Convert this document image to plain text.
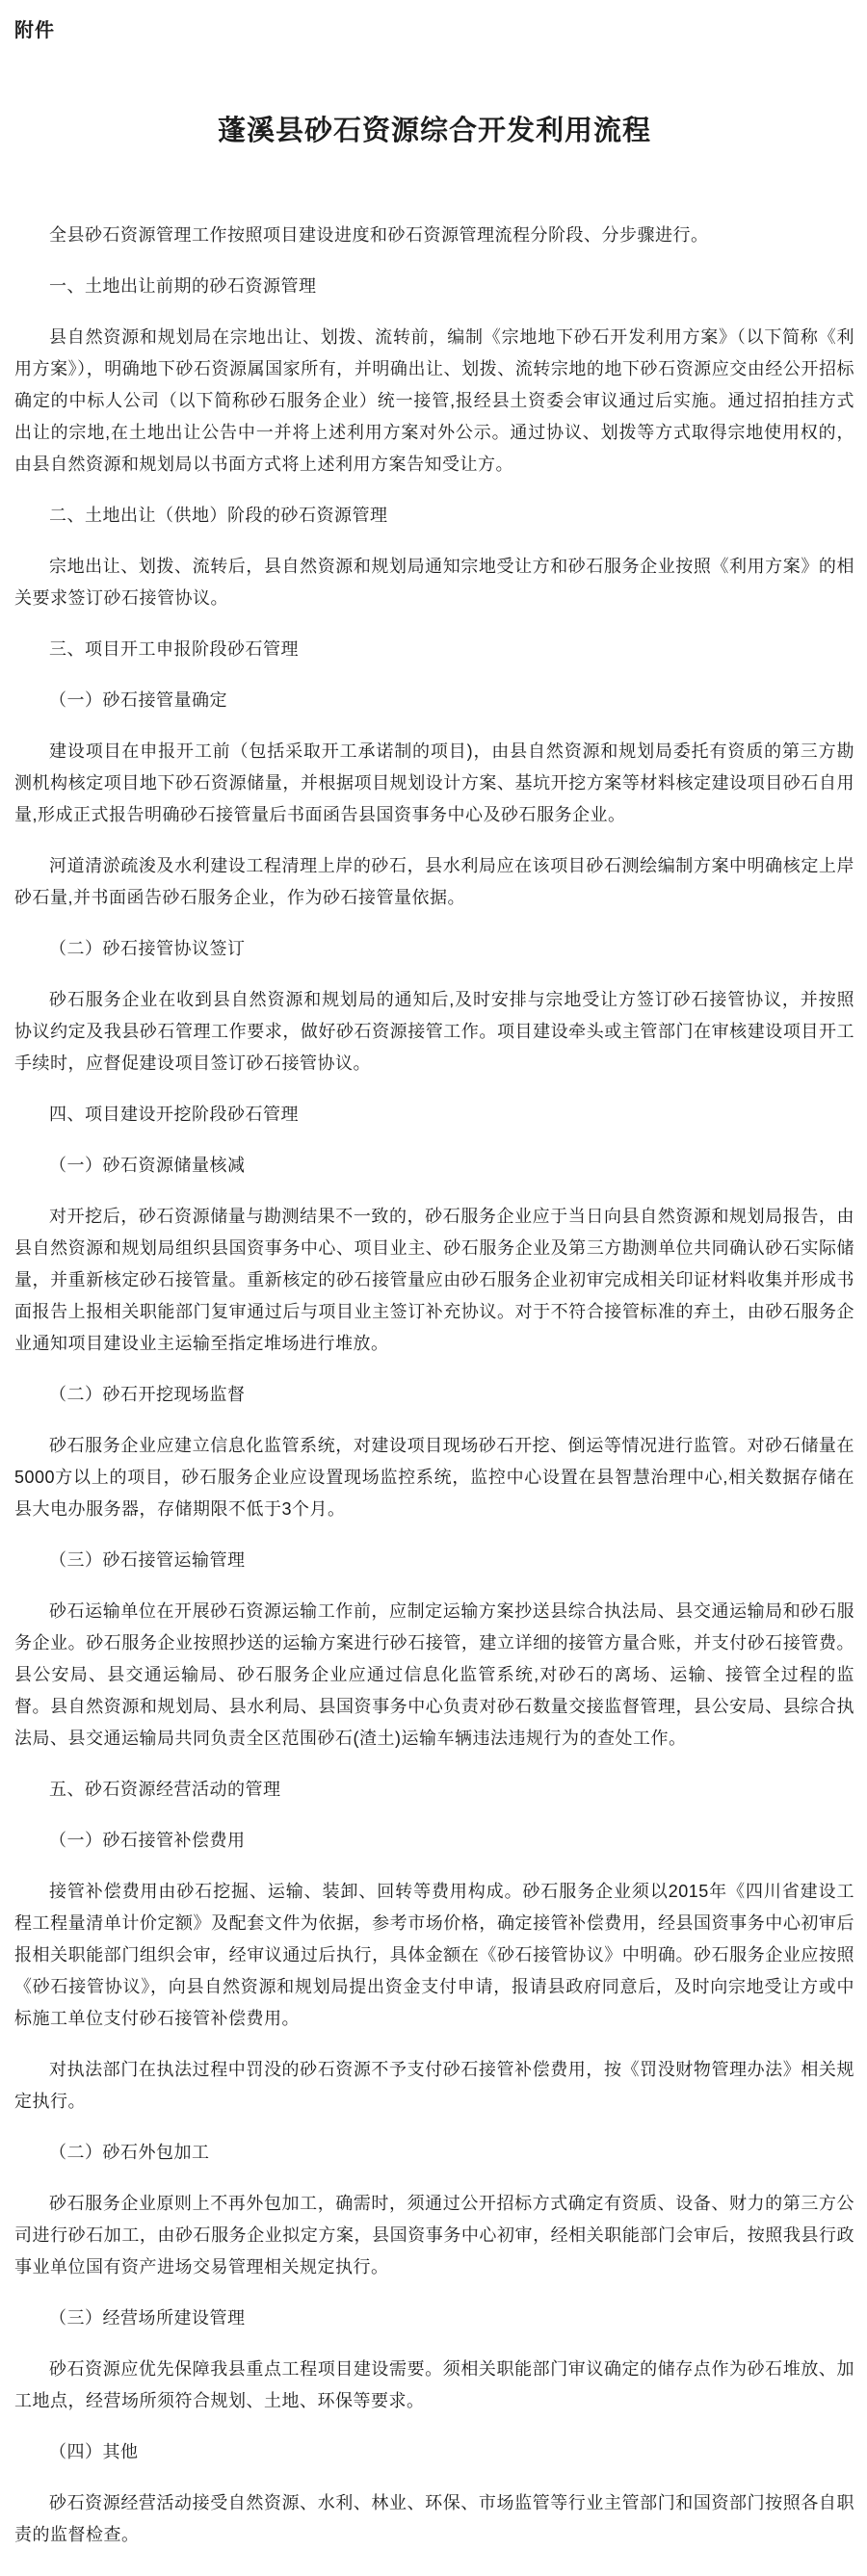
附件

蓬溪县砂石资源综合开发利用流程

全县砂石资源管理工作按照项目建设进度和砂石资源管理流程分阶段、分步骤进行。

一、土地出让前期的砂石资源管理

县自然资源和规划局在宗地出让、划拨、流转前，编制《宗地地下砂石开发利用方案》（以下简称《利用方案》），明确地下砂石资源属国家所有，并明确出让、划拨、流转宗地的地下砂石资源应交由经公开招标确定的中标人公司（以下简称砂石服务企业）统一接管,报经县土资委会审议通过后实施。通过招拍挂方式出让的宗地,在土地出让公告中一并将上述利用方案对外公示。通过协议、划拨等方式取得宗地使用权的，由县自然资源和规划局以书面方式将上述利用方案告知受让方。

二、土地出让（供地）阶段的砂石资源管理

宗地出让、划拨、流转后，县自然资源和规划局通知宗地受让方和砂石服务企业按照《利用方案》的相关要求签订砂石接管协议。

三、项目开工申报阶段砂石管理

（一）砂石接管量确定

建设项目在申报开工前（包括采取开工承诺制的项目)，由县自然资源和规划局委托有资质的第三方勘测机构核定项目地下砂石资源储量，并根据项目规划设计方案、基坑开挖方案等材料核定建设项目砂石自用量,形成正式报告明确砂石接管量后书面函告县国资事务中心及砂石服务企业。

河道清淤疏浚及水利建设工程清理上岸的砂石，县水利局应在该项目砂石测绘编制方案中明确核定上岸砂石量,并书面函告砂石服务企业，作为砂石接管量依据。

（二）砂石接管协议签订

砂石服务企业在收到县自然资源和规划局的通知后,及时安排与宗地受让方签订砂石接管协议，并按照协议约定及我县砂石管理工作要求，做好砂石资源接管工作。项目建设牵头或主管部门在审核建设项目开工手续时，应督促建设项目签订砂石接管协议。

四、项目建设开挖阶段砂石管理

（一）砂石资源储量核减

对开挖后，砂石资源储量与勘测结果不一致的，砂石服务企业应于当日向县自然资源和规划局报告，由县自然资源和规划局组织县国资事务中心、项目业主、砂石服务企业及第三方勘测单位共同确认砂石实际储量，并重新核定砂石接管量。重新核定的砂石接管量应由砂石服务企业初审完成相关印证材料收集并形成书面报告上报相关职能部门复审通过后与项目业主签订补充协议。对于不符合接管标准的弃土，由砂石服务企业通知项目建设业主运输至指定堆场进行堆放。

（二）砂石开挖现场监督

砂石服务企业应建立信息化监管系统，对建设项目现场砂石开挖、倒运等情况进行监管。对砂石储量在5000方以上的项目，砂石服务企业应设置现场监控系统，监控中心设置在县智慧治理中心,相关数据存储在县大电办服务器，存储期限不低于3个月。

（三）砂石接管运输管理

砂石运输单位在开展砂石资源运输工作前，应制定运输方案抄送县综合执法局、县交通运输局和砂石服务企业。砂石服务企业按照抄送的运输方案进行砂石接管，建立详细的接管方量合账，并支付砂石接管费。县公安局、县交通运输局、砂石服务企业应通过信息化监管系统,对砂石的离场、运输、接管全过程的监督。县自然资源和规划局、县水利局、县国资事务中心负责对砂石数量交接监督管理，县公安局、县综合执法局、县交通运输局共同负责全区范围砂石(渣土)运输车辆违法违规行为的查处工作。

五、砂石资源经营活动的管理

（一）砂石接管补偿费用

接管补偿费用由砂石挖掘、运输、装卸、回转等费用构成。砂石服务企业须以2015年《四川省建设工程工程量清单计价定额》及配套文件为依据，参考市场价格，确定接管补偿费用，经县国资事务中心初审后报相关职能部门组织会审，经审议通过后执行，具体金额在《砂石接管协议》中明确。砂石服务企业应按照《砂石接管协议》，向县自然资源和规划局提出资金支付申请，报请县政府同意后，及时向宗地受让方或中标施工单位支付砂石接管补偿费用。

对执法部门在执法过程中罚没的砂石资源不予支付砂石接管补偿费用，按《罚没财物管理办法》相关规定执行。

（二）砂石外包加工

砂石服务企业原则上不再外包加工，确需时，须通过公开招标方式确定有资质、设备、财力的第三方公司进行砂石加工，由砂石服务企业拟定方案，县国资事务中心初审，经相关职能部门会审后，按照我县行政事业单位国有资产进场交易管理相关规定执行。

（三）经营场所建设管理

砂石资源应优先保障我县重点工程项目建设需要。须相关职能部门审议确定的储存点作为砂石堆放、加工地点，经营场所须符合规划、土地、环保等要求。

（四）其他

砂石资源经营活动接受自然资源、水利、林业、环保、市场监管等行业主管部门和国资部门按照各自职责的监督检查。
